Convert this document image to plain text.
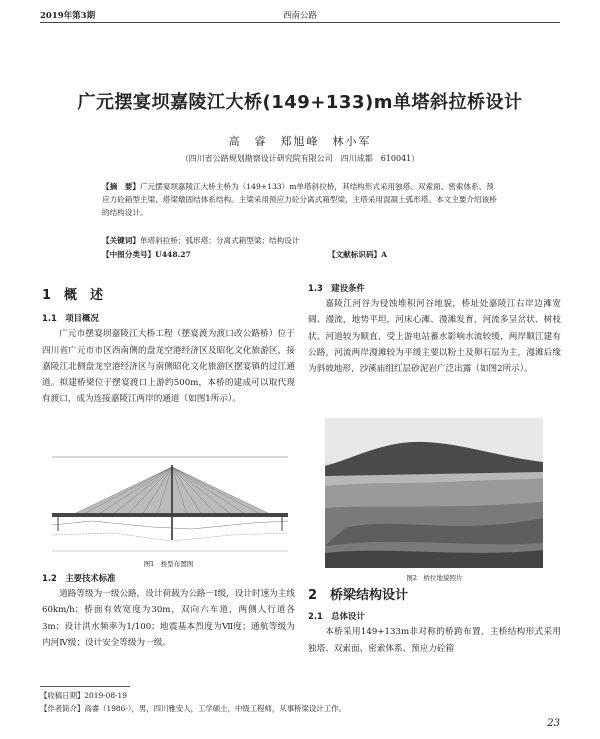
2019年第3期	西南公路
广元摆宴坝嘉陵江大桥(149+133)m单塔斜拉桥设计
高　睿　郑旭峰　林小军
（四川省公路规划勘察设计研究院有限公司　四川成都　610041）
【摘　要】广元摆宴坝嘉陵江大桥主桥为（149+133）m单塔斜拉桥，其结构形式采用独塔、双索面、密索体系、预应力砼箱型主梁、塔梁墩固结体系结构。主梁采用预应力砼分离式箱型梁，主塔采用混凝土弧形塔。本文主要介绍该桥的结构设计。
【关键词】单塔斜拉桥；弧形塔；分离式箱型梁；结构设计
【中图分类号】U448.27	【文献标识码】A
1　概　述
1.1　项目概况

广元市摆宴坝嘉陵江大桥工程（摆宴渡为渡口改公路桥）位于四川省广元市市区西南侧的盘龙空港经济区及昭化文化旅游区，接嘉陵江北侧盘龙空港经济区与南侧昭化文化旅游区摆宴镇的过江通道。拟建桥梁位于摆宴渡口上游约500m，本桥的建成可以取代现有渡口，成为连接嘉陵江两岸的通道（如图1所示）。

图1　桥型布置图
1.2　主要技术标准

道路等级为一级公路，设计荷载为公路－Ⅰ级，设计时速为主线60km/h；桥面有效宽度为30m，双向六车道，两侧人行道各3m；设计洪水频率为1/100；地震基本烈度为Ⅶ度；通航等级为内河Ⅳ级；设计安全等级为一级。

1.3　建设条件

嘉陵江河谷为侵蚀堆积河谷地貌，桥址处嘉陵江右岸边滩宽阔、漫流，地势平坦，河床心滩、漫滩发育，河流多呈岔状、树枝状。河道较为顺直，受上游电站蓄水影响水流较缓，两岸顺江建有公路，河流两岸漫滩较为平缓主要以粉土及卵石层为主，漫滩后缘为斜坡地形，沙溪庙组红层砂泥岩广泛出露（如图2所示）。

图2　桥位地貌照片
2　桥梁结构设计
2.1　总体设计

本桥采用149+133m非对称的桥跨布置，主桥结构形式采用独塔、双索面、密索体系、预应力砼箱

【收稿日期】2019-08-19
【作者简介】高睿（1986-），男，四川雅安人，工学硕士，中级工程师，从事桥梁设计工作。
23
